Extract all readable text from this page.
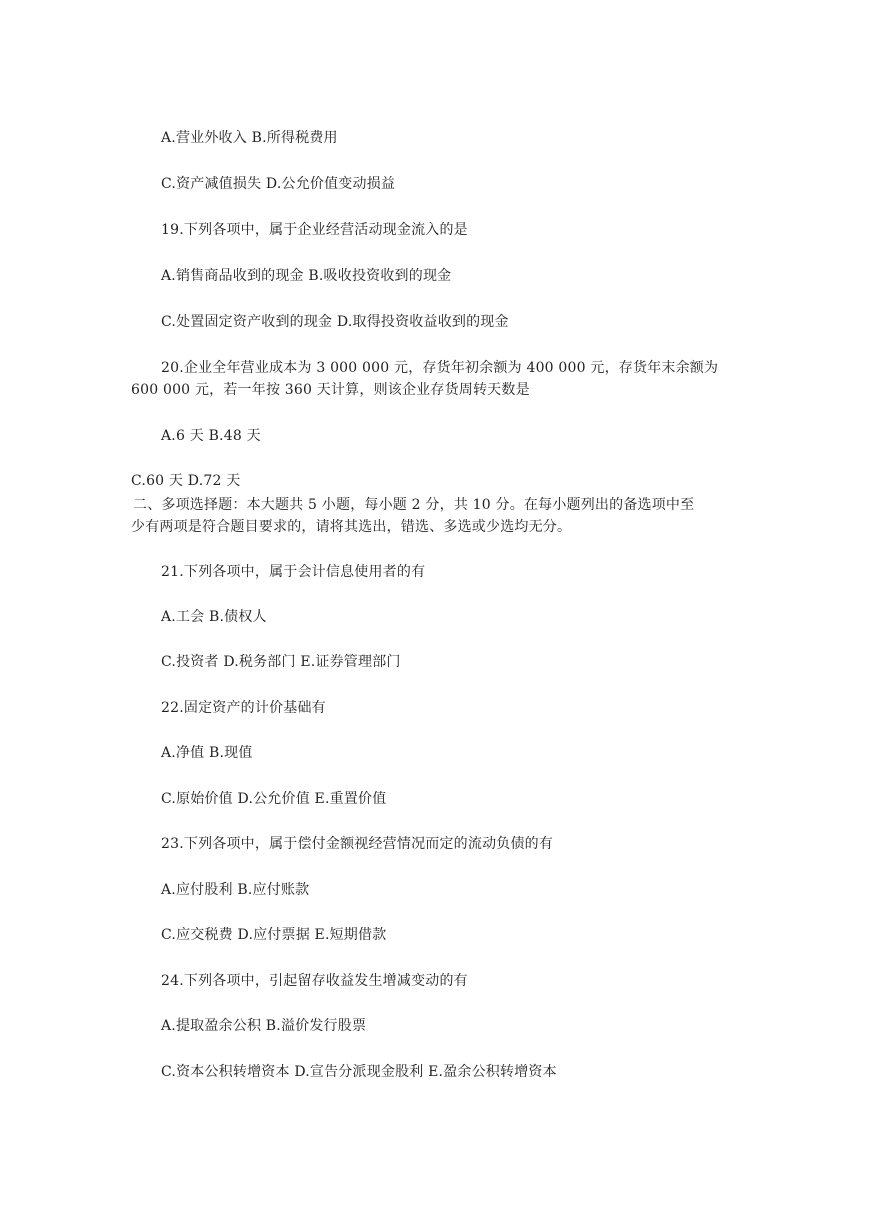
A.营业外收入 B.所得税费用
C.资产减值损失 D.公允价值变动损益
19.下列各项中，属于企业经营活动现金流入的是
A.销售商品收到的现金 B.吸收投资收到的现金
C.处置固定资产收到的现金 D.取得投资收益收到的现金
20.企业全年营业成本为 3 000 000 元，存货年初余额为 400 000 元，存货年末余额为
600 000 元，若一年按 360 天计算，则该企业存货周转天数是
A.6 天 B.48 天
C.60 天 D.72 天
二、多项选择题：本大题共 5 小题，每小题 2 分，共 10 分。在每小题列出的备选项中至
少有两项是符合题目要求的，请将其选出，错选、多选或少选均无分。
21.下列各项中，属于会计信息使用者的有
A.工会 B.债权人
C.投资者 D.税务部门 E.证券管理部门
22.固定资产的计价基础有
A.净值 B.现值
C.原始价值 D.公允价值 E.重置价值
23.下列各项中，属于偿付金额视经营情况而定的流动负债的有
A.应付股利 B.应付账款
C.应交税费 D.应付票据 E.短期借款
24.下列各项中，引起留存收益发生增减变动的有
A.提取盈余公积 B.溢价发行股票
C.资本公积转增资本 D.宣告分派现金股利 E.盈余公积转增资本
